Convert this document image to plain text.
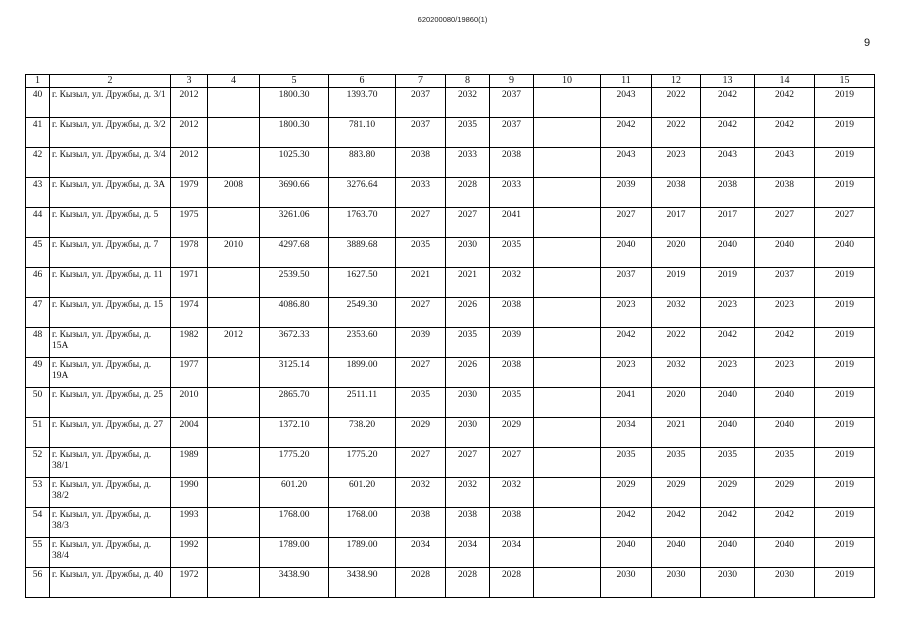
620200080/19860(1)
9
1	2	3	4	5	6	7	8	9	10	11	12	13	14	15
40	г. Кызыл, ул. Дружбы, д. 3/1	2012		1800.30	1393.70	2037	2032	2037		2043	2022	2042	2042	2019
41	г. Кызыл, ул. Дружбы, д. 3/2	2012		1800.30	781.10	2037	2035	2037		2042	2022	2042	2042	2019
42	г. Кызыл, ул. Дружбы, д. 3/4	2012		1025.30	883.80	2038	2033	2038		2043	2023	2043	2043	2019
43	г. Кызыл, ул. Дружбы, д. 3А	1979	2008	3690.66	3276.64	2033	2028	2033		2039	2038	2038	2038	2019
44	г. Кызыл, ул. Дружбы, д. 5	1975		3261.06	1763.70	2027	2027	2041		2027	2017	2017	2027	2027
45	г. Кызыл, ул. Дружбы, д. 7	1978	2010	4297.68	3889.68	2035	2030	2035		2040	2020	2040	2040	2040
46	г. Кызыл, ул. Дружбы, д. 11	1971		2539.50	1627.50	2021	2021	2032		2037	2019	2019	2037	2019
47	г. Кызыл, ул. Дружбы, д. 15	1974		4086.80	2549.30	2027	2026	2038		2023	2032	2023	2023	2019
48	г. Кызыл, ул. Дружбы, д. 15А	1982	2012	3672.33	2353.60	2039	2035	2039		2042	2022	2042	2042	2019
49	г. Кызыл, ул. Дружбы, д. 19А	1977		3125.14	1899.00	2027	2026	2038		2023	2032	2023	2023	2019
50	г. Кызыл, ул. Дружбы, д. 25	2010		2865.70	2511.11	2035	2030	2035		2041	2020	2040	2040	2019
51	г. Кызыл, ул. Дружбы, д. 27	2004		1372.10	738.20	2029	2030	2029		2034	2021	2040	2040	2019
52	г. Кызыл, ул. Дружбы, д. 38/1	1989		1775.20	1775.20	2027	2027	2027		2035	2035	2035	2035	2019
53	г. Кызыл, ул. Дружбы, д. 38/2	1990		601.20	601.20	2032	2032	2032		2029	2029	2029	2029	2019
54	г. Кызыл, ул. Дружбы, д. 38/3	1993		1768.00	1768.00	2038	2038	2038		2042	2042	2042	2042	2019
55	г. Кызыл, ул. Дружбы, д. 38/4	1992		1789.00	1789.00	2034	2034	2034		2040	2040	2040	2040	2019
56	г. Кызыл, ул. Дружбы, д. 40	1972		3438.90	3438.90	2028	2028	2028		2030	2030	2030	2030	2019
